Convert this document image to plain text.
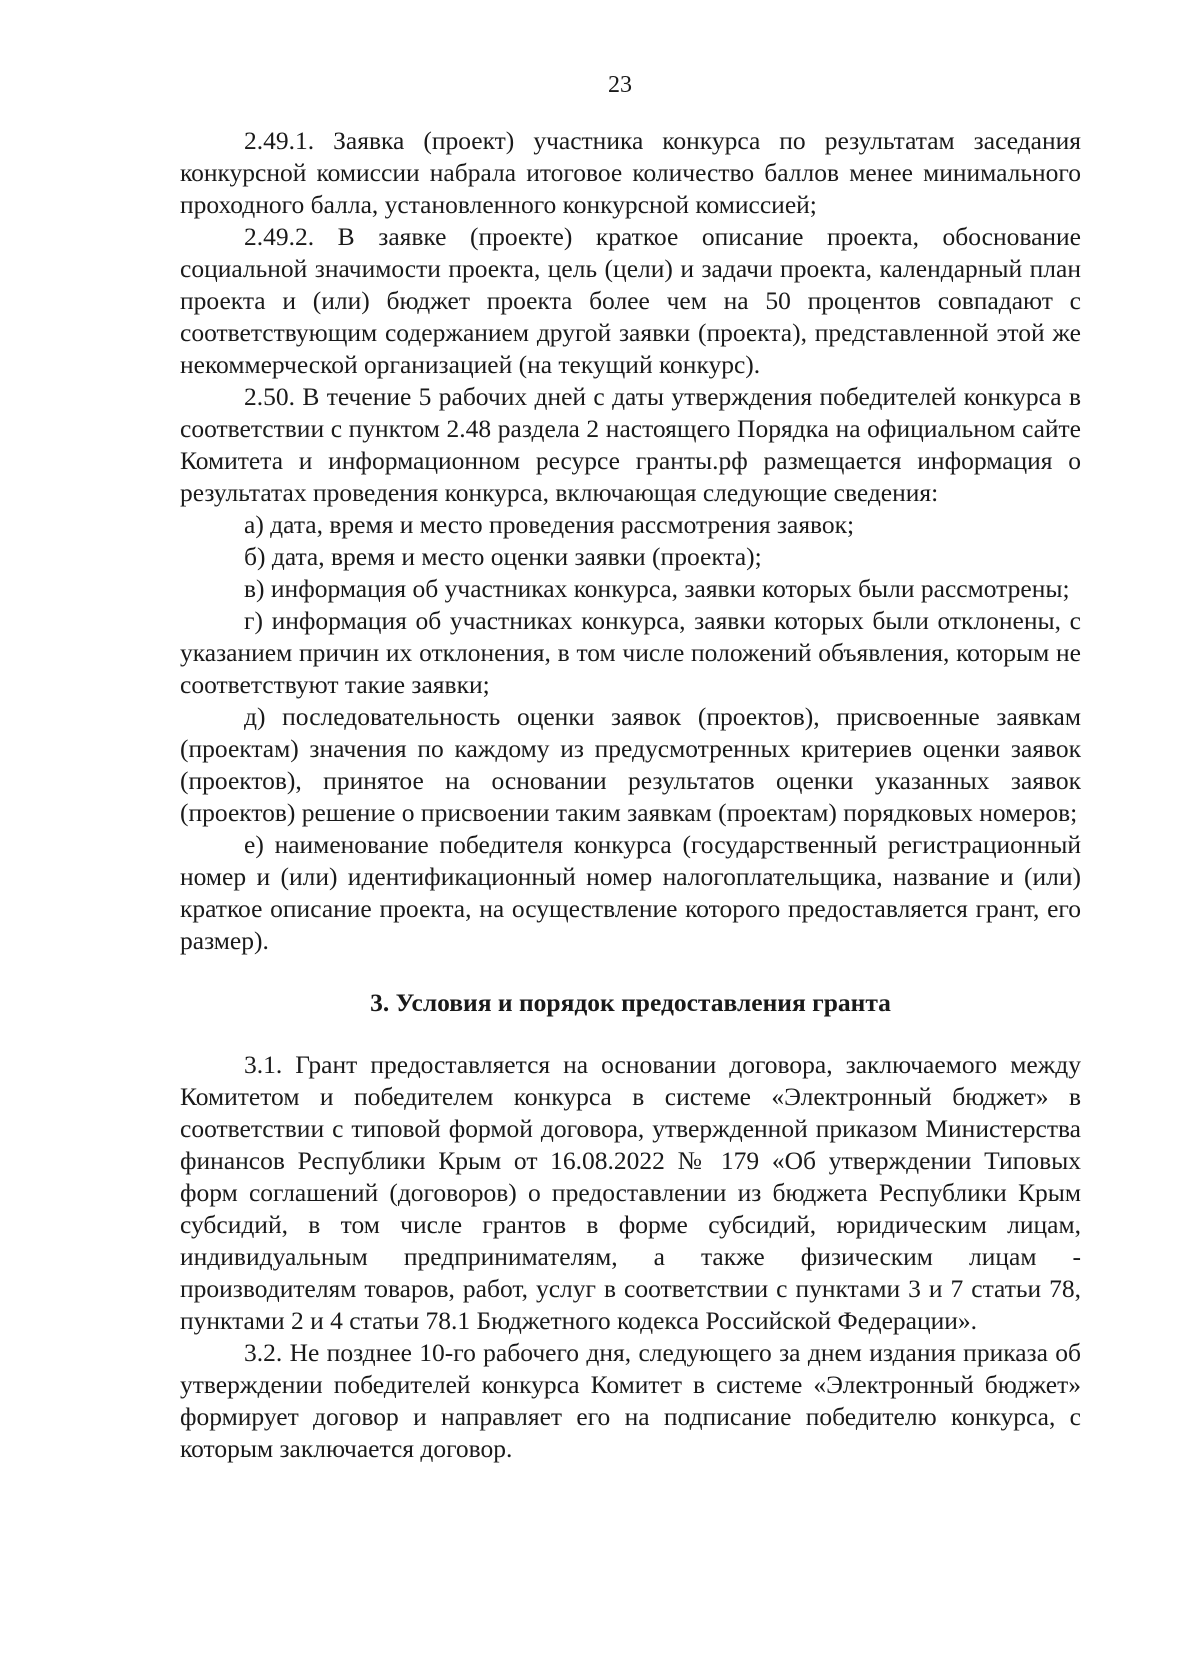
23

2.49.1. Заявка (проект) участника конкурса по результатам заседания конкурсной комиссии набрала итоговое количество баллов менее минимального проходного балла, установленного конкурсной комиссией;

2.49.2. В заявке (проекте) краткое описание проекта, обоснование социальной значимости проекта, цель (цели) и задачи проекта, календарный план проекта и (или) бюджет проекта более чем на 50 процентов совпадают с соответствующим содержанием другой заявки (проекта), представленной этой же некоммерческой организацией (на текущий конкурс).

2.50. В течение 5 рабочих дней с даты утверждения победителей конкурса в соответствии с пунктом 2.48 раздела 2 настоящего Порядка на официальном сайте Комитета и информационном ресурсе гранты.рф размещается информация о результатах проведения конкурса, включающая следующие сведения:

а) дата, время и место проведения рассмотрения заявок;

б) дата, время и место оценки заявки (проекта);

в) информация об участниках конкурса, заявки которых были рассмотрены;

г) информация об участниках конкурса, заявки которых были отклонены, с указанием причин их отклонения, в том числе положений объявления, которым не соответствуют такие заявки;

д) последовательность оценки заявок (проектов), присвоенные заявкам (проектам) значения по каждому из предусмотренных критериев оценки заявок (проектов), принятое на основании результатов оценки указанных заявок (проектов) решение о присвоении таким заявкам (проектам) порядковых номеров;

е) наименование победителя конкурса (государственный регистрационный номер и (или) идентификационный номер налогоплательщика, название и (или) краткое описание проекта, на осуществление которого предоставляется грант, его размер).

3. Условия и порядок предоставления гранта

3.1. Грант предоставляется на основании договора, заключаемого между Комитетом и победителем конкурса в системе «Электронный бюджет» в соответствии с типовой формой договора, утвержденной приказом Министерства финансов Республики Крым от 16.08.2022 № 179 «Об утверждении Типовых форм соглашений (договоров) о предоставлении из бюджета Республики Крым субсидий, в том числе грантов в форме субсидий, юридическим лицам, индивидуальным предпринимателям, а также физическим лицам - производителям товаров, работ, услуг в соответствии с пунктами 3 и 7 статьи 78, пунктами 2 и 4 статьи 78.1 Бюджетного кодекса Российской Федерации».

3.2. Не позднее 10-го рабочего дня, следующего за днем издания приказа об утверждении победителей конкурса Комитет в системе «Электронный бюджет» формирует договор и направляет его на подписание победителю конкурса, с которым заключается договор.
